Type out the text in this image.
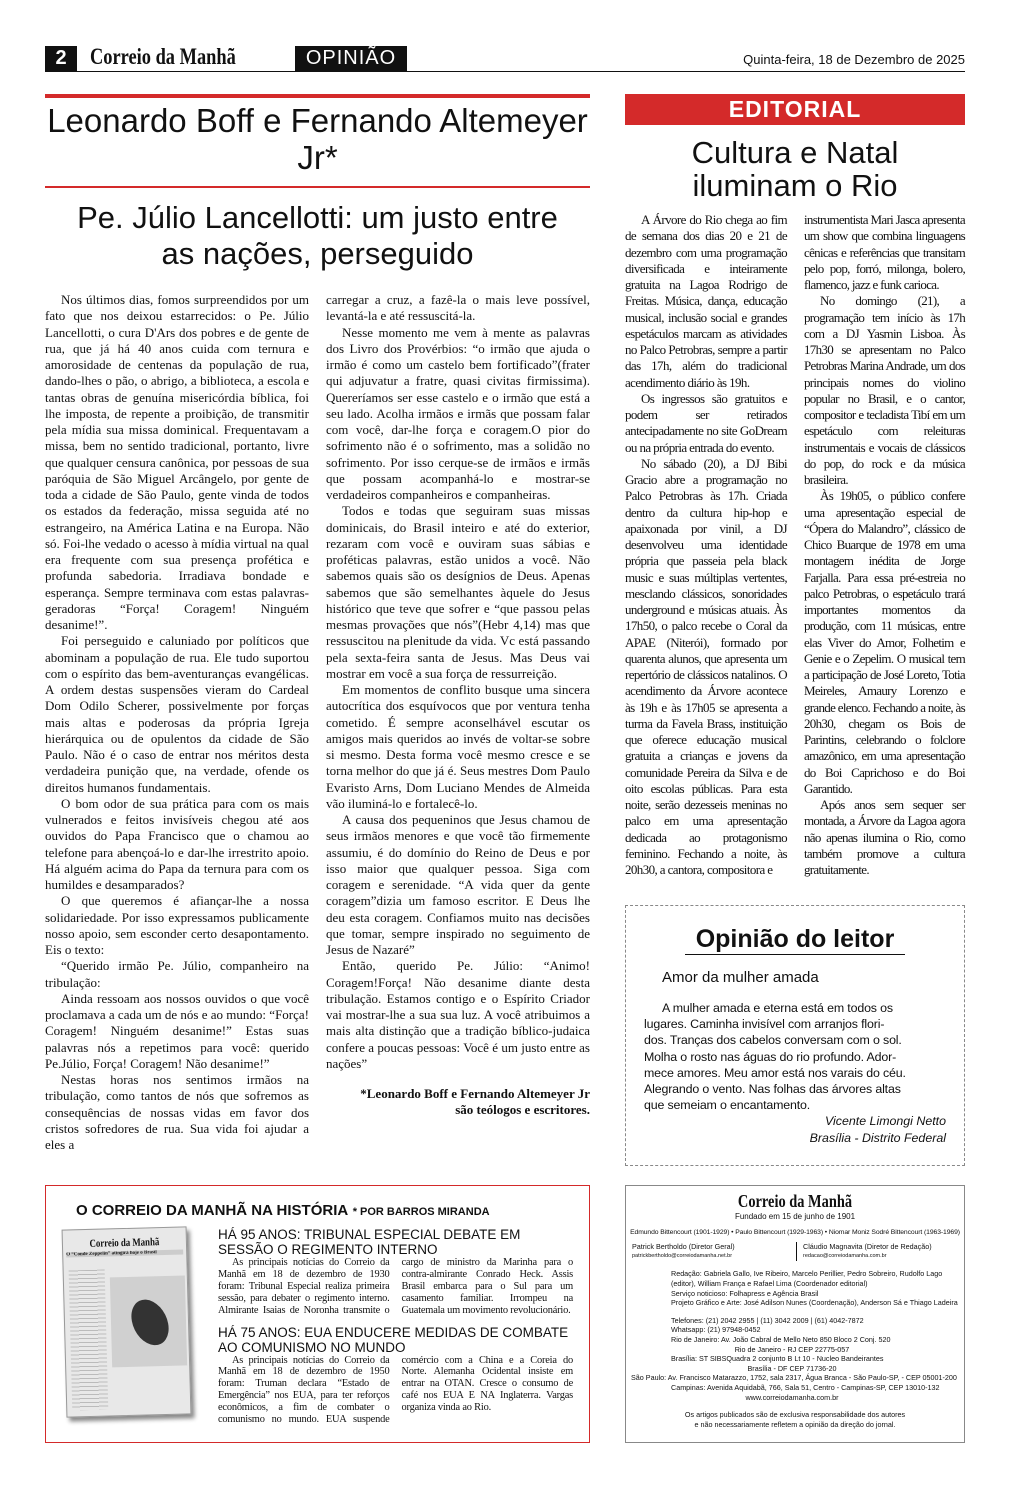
2	Correio da Manhã	OPINIÃO	Quinta-feira, 18 de Dezembro de 2025
Leonardo Boff e Fernando Altemeyer Jr*
Pe. Júlio Lancellotti: um justo entre as nações, perseguido

Nos últimos dias, fomos surpreendidos por um fato que nos deixou estarrecidos: o Pe. Júlio Lancellotti, o cura D'Ars dos pobres e de gente de rua, que já há 40 anos cuida com ternura e amorosidade de centenas da população de rua, dando-lhes o pão, o abrigo, a biblioteca, a escola e tantas obras de genuína misericórdia bíblica, foi lhe imposta, de repente a proibição, de transmitir pela mídia sua missa dominical. Frequentavam a missa, bem no sentido tradicional, portanto, livre que qualquer censura canônica, por pessoas de sua paróquia de São Miguel Arcângelo, por gente de toda a cidade de São Paulo, gente vinda de todos os estados da federação, missa seguida até no estrangeiro, na América Latina e na Europa. Não só. Foi-lhe vedado o acesso à mídia virtual na qual era frequente com sua presença profética e profunda sabedoria. Irradiava bondade e esperança. Sempre terminava com estas palavras-geradoras “Força! Coragem! Ninguém desanime!”.

Foi perseguido e caluniado por políticos que abominam a população de rua. Ele tudo suportou com o espírito das bem-aventuranças evangélicas. A ordem destas suspensões vieram do Cardeal Dom Odilo Scherer, possivelmente por forças mais altas e poderosas da própria Igreja hierárquica ou de opulentos da cidade de São Paulo. Não é o caso de entrar nos méritos desta verdadeira punição que, na verdade, ofende os direitos humanos fundamentais.

O bom odor de sua prática para com os mais vulnerados e feitos invisíveis chegou até aos ouvidos do Papa Francisco que o chamou ao telefone para abençoá-lo e dar-lhe irrestrito apoio. Há alguém acima do Papa da ternura para com os humildes e desamparados?

O que queremos é afiançar-lhe a nossa solidariedade. Por isso expressamos publicamente nosso apoio, sem esconder certo desapontamento. Eis o texto:

“Querido irmão Pe. Júlio, companheiro na tribulação:

Ainda ressoam aos nossos ouvidos o que você proclamava a cada um de nós e ao mundo: “Força! Coragem! Ninguém desanime!” Estas suas palavras nós a repetimos para você: querido Pe.Júlio, Força! Coragem! Não desanime!”

Nestas horas nos sentimos irmãos na tribulação, como tantos de nós que sofremos as consequências de nossas vidas em favor dos cristos sofredores de rua. Sua vida foi ajudar a eles a

carregar a cruz, a fazê-la o mais leve possível, levantá-la e até ressuscitá-la.

Nesse momento me vem à mente as palavras dos Livro dos Provérbios: “o irmão que ajuda o irmão é como um castelo bem fortificado”(frater qui adjuvatur a fratre, quasi civitas firmissima). Quereríamos ser esse castelo e o irmão que está a seu lado. Acolha irmãos e irmãs que possam falar com você, dar-lhe força e coragem.O pior do sofrimento não é o sofrimento, mas a solidão no sofrimento. Por isso cerque-se de irmãos e irmãs que possam acompanhá-lo e mostrar-se verdadeiros companheiros e companheiras.

Todos e todas que seguiram suas missas dominicais, do Brasil inteiro e até do exterior, rezaram com você e ouviram suas sábias e proféticas palavras, estão unidos a você. Não sabemos quais são os desígnios de Deus. Apenas sabemos que são semelhantes àquele do Jesus histórico que teve que sofrer e “que passou pelas mesmas provações que nós”(Hebr 4,14) mas que ressuscitou na plenitude da vida. Vc está passando pela sexta-feira santa de Jesus. Mas Deus vai mostrar em você a sua força de ressurreição.

Em momentos de conflito busque uma sincera autocrítica dos esquívocos que por ventura tenha cometido. É sempre aconselhável escutar os amigos mais queridos ao invés de voltar-se sobre si mesmo. Desta forma você mesmo cresce e se torna melhor do que já é. Seus mestres Dom Paulo Evaristo Arns, Dom Luciano Mendes de Almeida vão iluminá-lo e fortalecê-lo.

A causa dos pequeninos que Jesus chamou de seus irmãos menores e que você tão firmemente assumiu, é do domínio do Reino de Deus e por isso maior que qualquer pessoa. Siga com coragem e serenidade. “A vida quer da gente coragem”dizia um famoso escritor. E Deus lhe deu esta coragem. Confiamos muito nas decisões que tomar, sempre inspirado no seguimento de Jesus de Nazaré”

Então, querido Pe. Júlio: “Animo! Coragem!Força! Não desanime diante desta tribulação. Estamos contigo e o Espírito Criador vai mostrar-lhe a sua sua luz. A você atribuimos a mais alta distinção que a tradição bíblico-judaica confere a poucas pessoas: Você é um justo entre as nações”

*Leonardo Boff e Fernando Altemeyer Jr
são teólogos e escritores.
EDITORIAL
Cultura e Natal iluminam o Rio

A Árvore do Rio chega ao fim de semana dos dias 20 e 21 de dezembro com uma programação diversificada e inteiramente gratuita na Lagoa Rodrigo de Freitas. Música, dança, educação musical, inclusão social e grandes espetáculos marcam as atividades no Palco Petrobras, sempre a partir das 17h, além do tradicional acendimento diário às 19h.

Os ingressos são gratuitos e podem ser retirados antecipadamente no site GoDream ou na própria entrada do evento.

No sábado (20), a DJ Bibi Gracio abre a programação no Palco Petrobras às 17h. Criada dentro da cultura hip-hop e apaixonada por vinil, a DJ desenvolveu uma identidade própria que passeia pela black music e suas múltiplas vertentes, mesclando clássicos, sonoridades underground e músicas atuais. Às 17h50, o palco recebe o Coral da APAE (Niterói), formado por quarenta alunos, que apresenta um repertório de clássicos natalinos. O acendimento da Árvore acontece às 19h e às 17h05 se apresenta a turma da Favela Brass, instituição que oferece educação musical gratuita a crianças e jovens da comunidade Pereira da Silva e de oito escolas públicas. Para esta noite, serão dezesseis meninas no palco em uma apresentação dedicada ao protagonismo feminino. Fechando a noite, às 20h30, a cantora, compositora e

instrumentista Mari Jasca apresenta um show que combina linguagens cênicas e referências que transitam pelo pop, forró, milonga, bolero, flamenco, jazz e funk carioca.

No domingo (21), a programação tem início às 17h com a DJ Yasmin Lisboa. Às 17h30 se apresentam no Palco Petrobras Marina Andrade, um dos principais nomes do violino popular no Brasil, e o cantor, compositor e tecladista Tibí em um espetáculo com releituras instrumentais e vocais de clássicos do pop, do rock e da música brasileira.

Às 19h05, o público confere uma apresentação especial de “Ópera do Malandro”, clássico de Chico Buarque de 1978 em uma montagem inédita de Jorge Farjalla. Para essa pré-estreia no palco Petrobras, o espetáculo trará importantes momentos da produção, com 11 músicas, entre elas Viver do Amor, Folhetim e Genie e o Zepelim. O musical tem a participação de José Loreto, Totia Meireles, Amaury Lorenzo e grande elenco. Fechando a noite, às 20h30, chegam os Bois de Parintins, celebrando o folclore amazônico, em uma apresentação do Boi Caprichoso e do Boi Garantido.

Após anos sem sequer ser montada, a Árvore da Lagoa agora não apenas ilumina o Rio, como também promove a cultura gratuitamente.

Opinião do leitor
Amor da mulher amada
A mulher amada e eterna está em todos os
lugares. Caminha invisível com arranjos flori-
dos. Tranças dos cabelos conversam com o sol.
Molha o rosto nas águas do rio profundo. Ador-
mece amores. Meu amor está nos varais do céu.
Alegrando o vento. Nas folhas das árvores altas
que semeiam o encantamento.
Vicente Limongi Netto
Brasília - Distrito Federal
O CORREIO DA MANHÃ NA HISTÓRIA * POR BARROS MIRANDA
Correio da Manhã
O “Conde Zeppelin” atingirá hoje o Brasil
HÁ 95 ANOS: TRIBUNAL ESPECIAL DEBATE EM SESSÃO O REGIMENTO INTERNO
As principais notícias do Correio da Manhã em 18 de dezembro de 1930 foram: Tribunal Especial realiza primeira sessão, para debater o regimento interno. Almirante Isaias de Noronha transmite o cargo de ministro da Marinha para o contra-almirante Conrado Heck. Assis Brasil embarca para o Sul para um casamento familiar. Irrompeu na Guatemala um movimento revolucionário.
HÁ 75 ANOS: EUA ENDUCERE MEDIDAS DE COMBATE AO COMUNISMO NO MUNDO
As principais notícias do Correio da Manhã em 18 de dezembro de 1950 foram: Truman declara “Estado de Emergência” nos EUA, para ter reforços econômicos, a fim de combater o comunismo no mundo. EUA suspende comércio com a China e a Coreia do Norte. Alemanha Ocidental insiste em entrar na OTAN. Cresce o consumo de café nos EUA E NA Inglaterra. Vargas organiza vinda ao Rio.
Correio da Manhã
Fundado em 15 de junho de 1901
Edmundo Bittencourt (1901-1929) • Paulo Bittencourt (1929-1963) • Niomar Moniz Sodré Bittencourt (1963-1969)
Patrick Bertholdo (Diretor Geral)
patrickbertholdo@correiodamanha.net.br
Cláudio Magnavita (Diretor de Redação)
redacao@correiodamanha.com.br
Redação: Gabriela Gallo, Ive Ribeiro, Marcelo Perillier, Pedro Sobreiro, Rudolfo Lago (editor), William França e Rafael Lima (Coordenador editorial)
Serviço noticioso: Folhapress e Agência Brasil
Projeto Gráfico e Arte: José Adilson Nunes (Coordenação), Anderson Sá e Thiago Ladeira
Telefones: (21) 2042 2955 | (11) 3042 2009 | (61) 4042-7872
Whatsapp: (21) 97948-0452
Rio de Janeiro: Av. João Cabral de Mello Neto 850 Bloco 2 Conj. 520
Rio de Janeiro - RJ CEP 22775-057
Brasília: ST SIBSQuadra 2 conjunto B Lt 10 - Nucleo Bandeirantes
Brasília - DF CEP 71736-20
São Paulo: Av. Francisco Matarazzo, 1752, sala 2317, Água Branca - São Paulo-SP, - CEP 05001-200
Campinas: Avenida Aquidabã, 766, Sala 51, Centro - Campinas-SP, CEP 13010-132
www.correiodamanha.com.br
Os artigos publicados são de exclusiva responsabilidade dos autores
e não necessariamente refletem a opinião da direção do jornal.
